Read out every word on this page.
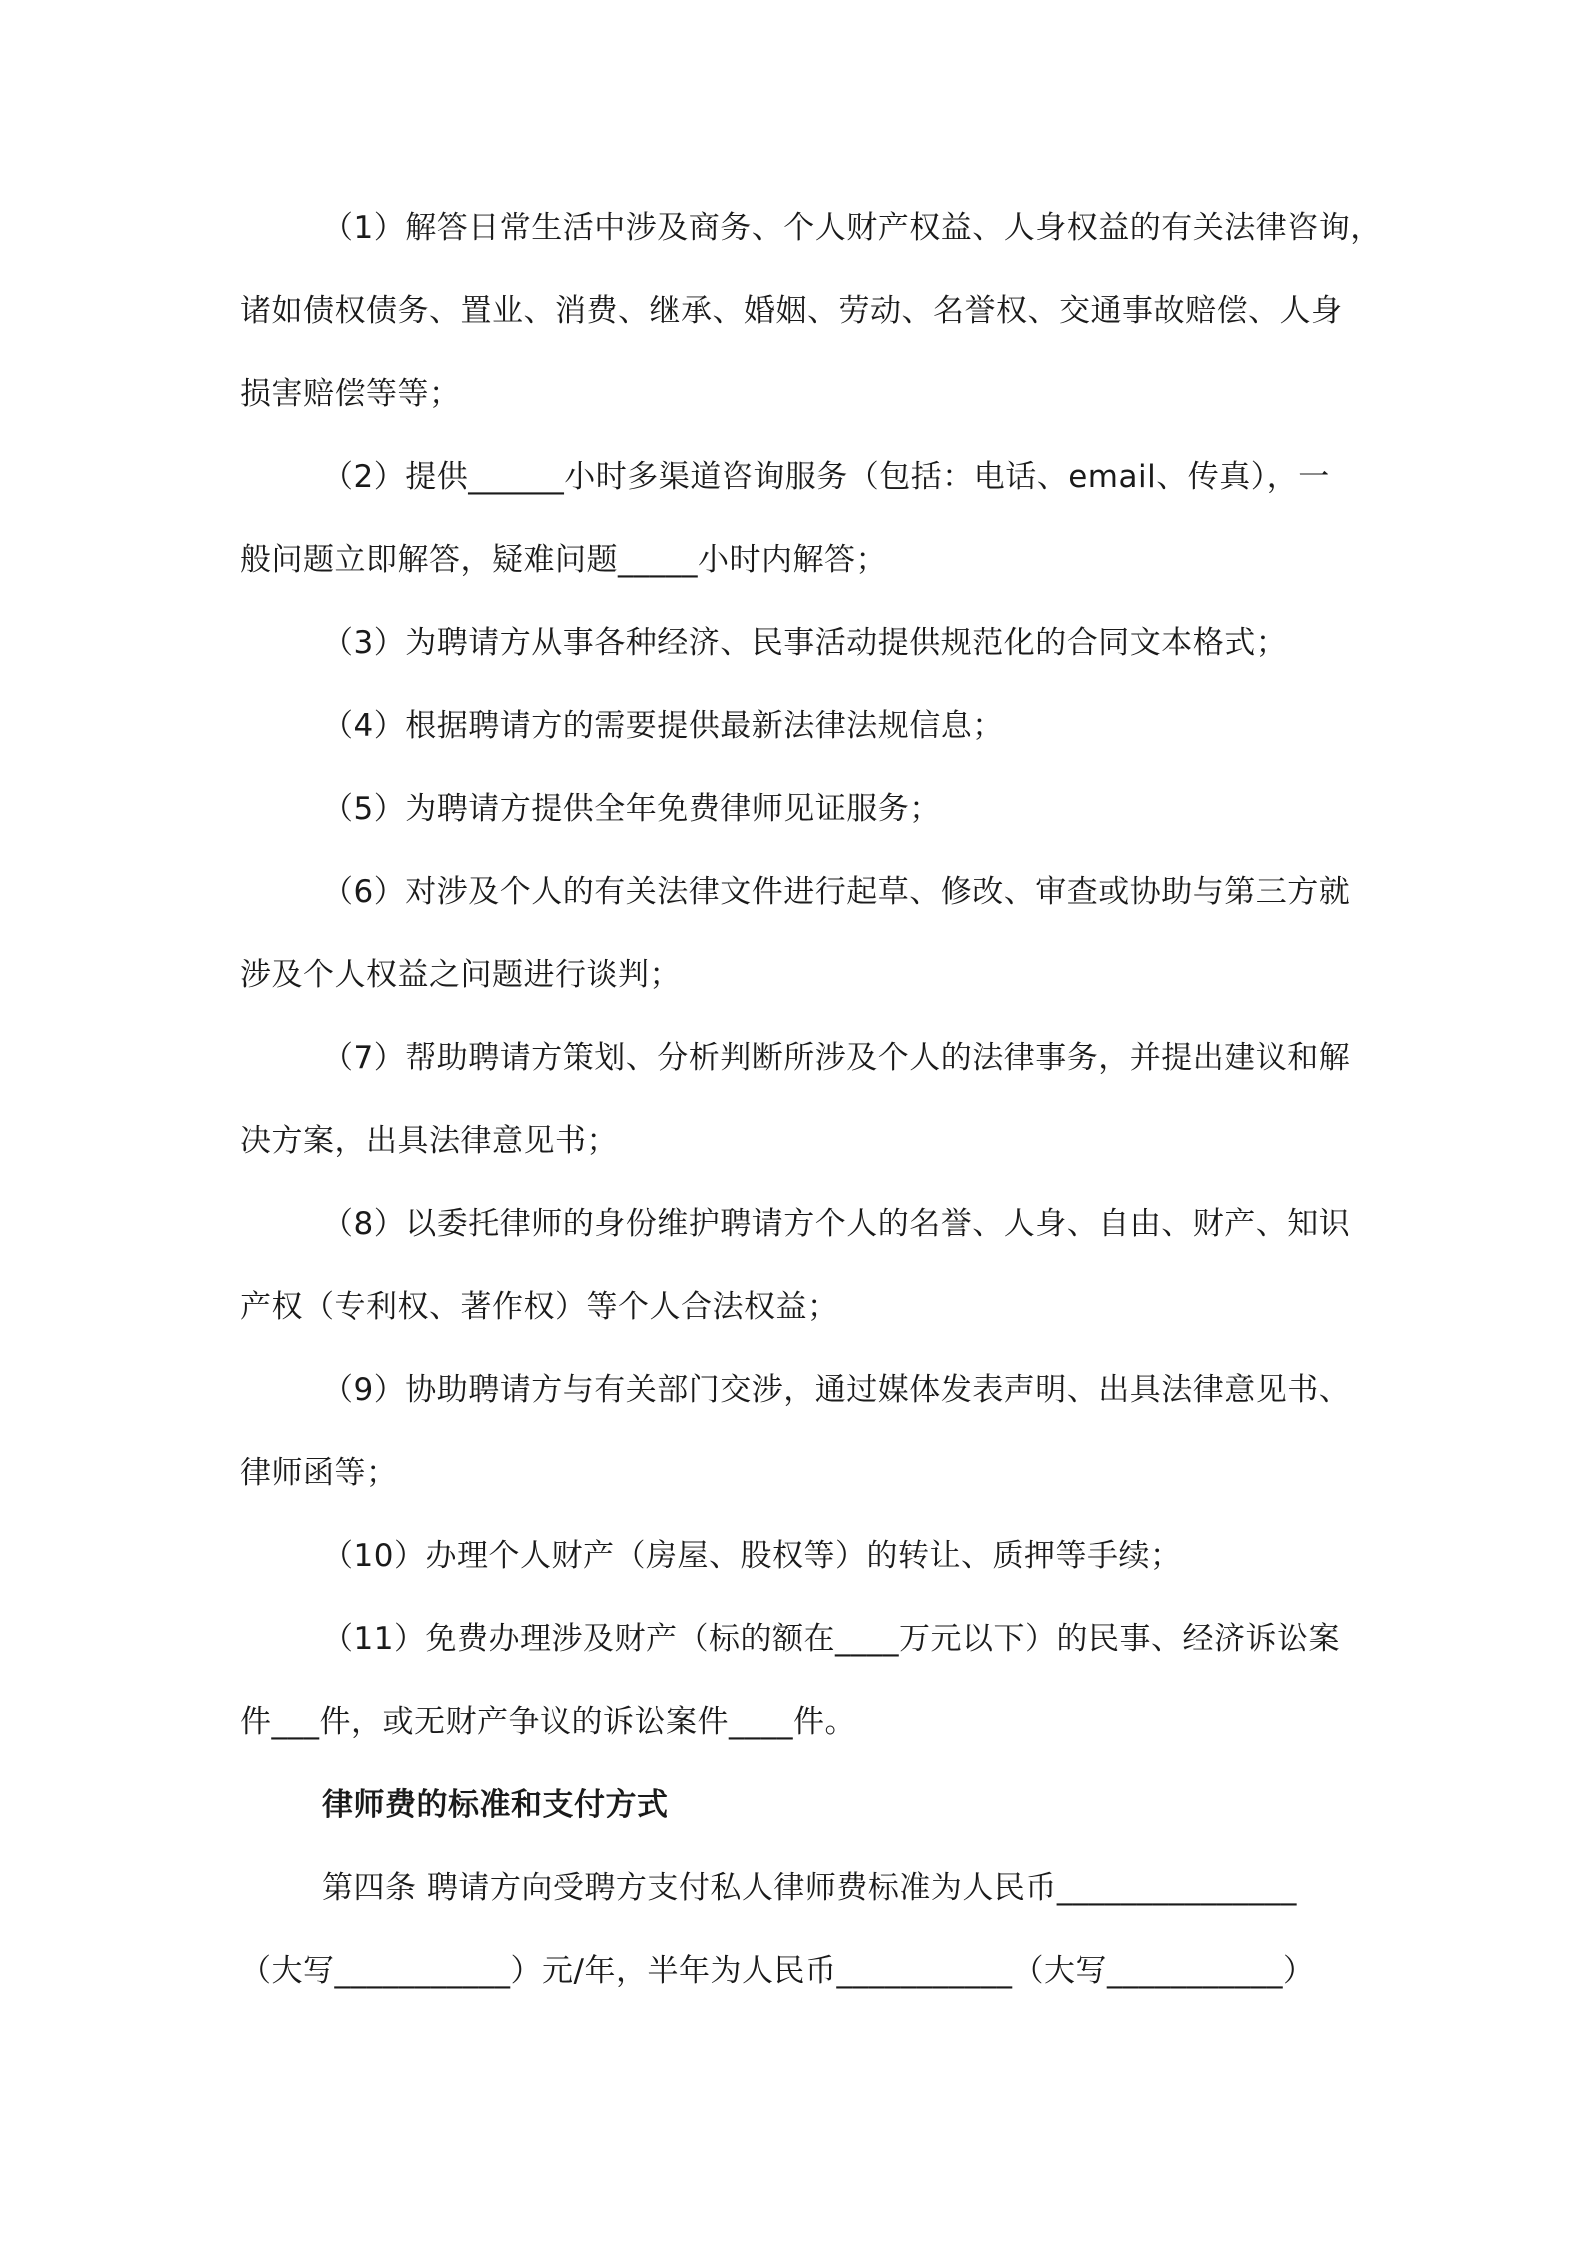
（1）解答日常生活中涉及商务、个人财产权益、人身权益的有关法律咨询，
诸如债权债务、置业、消费、继承、婚姻、劳动、名誉权、交通事故赔偿、人身
损害赔偿等等；
（2）提供______小时多渠道咨询服务（包括：电话、email、传真），一
般问题立即解答，疑难问题_____小时内解答；
（3）为聘请方从事各种经济、民事活动提供规范化的合同文本格式；
（4）根据聘请方的需要提供最新法律法规信息；
（5）为聘请方提供全年免费律师见证服务；
（6）对涉及个人的有关法律文件进行起草、修改、审查或协助与第三方就
涉及个人权益之问题进行谈判；
（7）帮助聘请方策划、分析判断所涉及个人的法律事务，并提出建议和解
决方案，出具法律意见书；
（8）以委托律师的身份维护聘请方个人的名誉、人身、自由、财产、知识
产权（专利权、著作权）等个人合法权益；
（9）协助聘请方与有关部门交涉，通过媒体发表声明、出具法律意见书、
律师函等；
（10）办理个人财产（房屋、股权等）的转让、质押等手续；
（11）免费办理涉及财产（标的额在____万元以下）的民事、经济诉讼案
件___件，或无财产争议的诉讼案件____件。
律师费的标准和支付方式
第四条 聘请方向受聘方支付私人律师费标准为人民币_______________
（大写___________）元/年，半年为人民币___________（大写___________）
